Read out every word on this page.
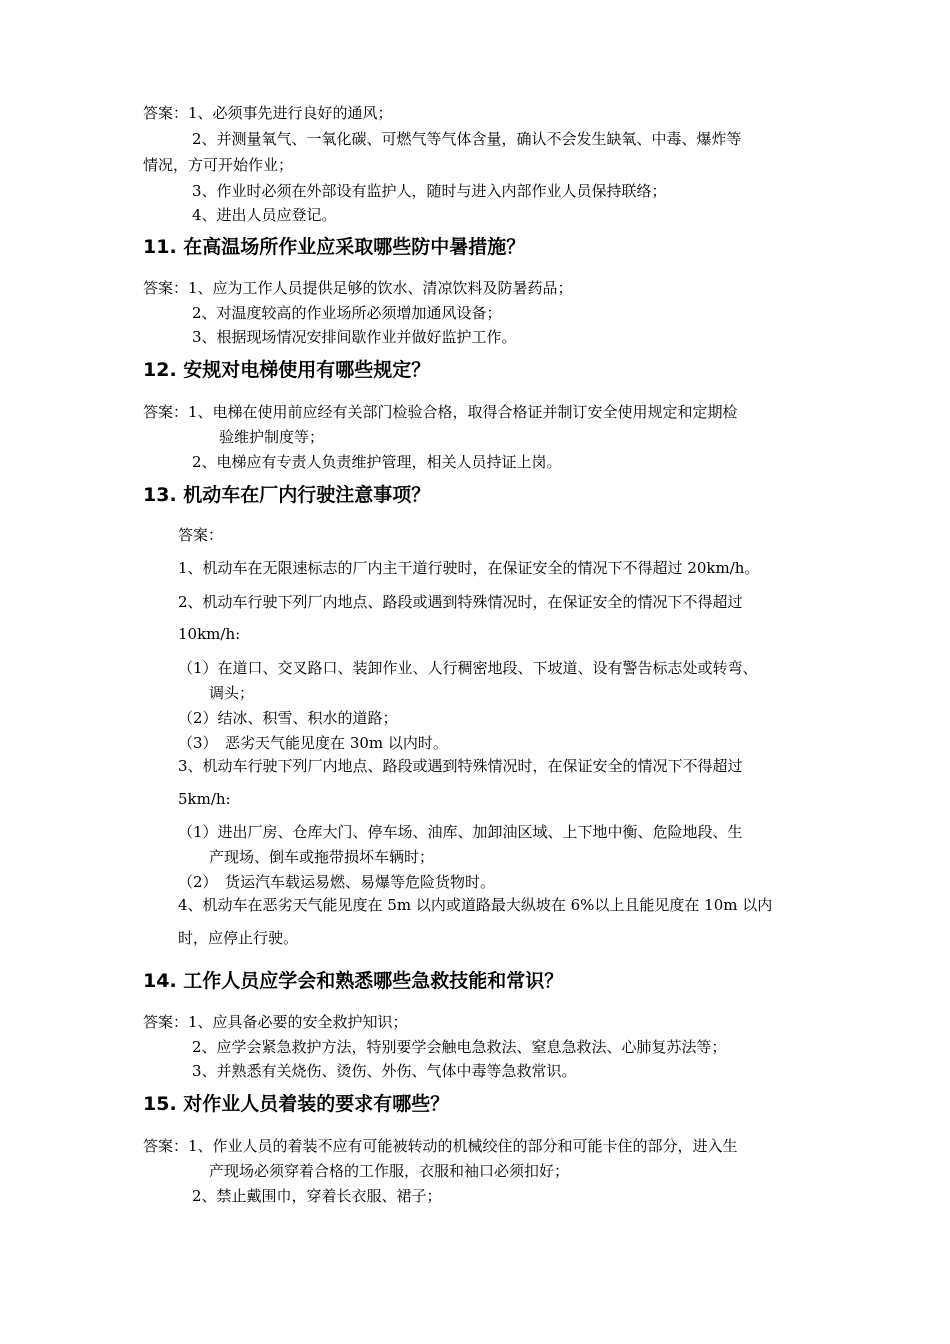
答案：1、必须事先进行良好的通风；
2、并测量氧气、一氧化碳、可燃气等气体含量，确认不会发生缺氧、中毒、爆炸等
情况，方可开始作业；
3、作业时必须在外部设有监护人，随时与进入内部作业人员保持联络；
4、进出人员应登记。
11. 在高温场所作业应采取哪些防中暑措施？
答案：1、应为工作人员提供足够的饮水、清凉饮料及防暑药品；
2、对温度较高的作业场所必须增加通风设备；
3、根据现场情况安排间歇作业并做好监护工作。
12. 安规对电梯使用有哪些规定？
答案：1、电梯在使用前应经有关部门检验合格，取得合格证并制订安全使用规定和定期检
验维护制度等；
2、电梯应有专责人负责维护管理，相关人员持证上岗。
13. 机动车在厂内行驶注意事项？
答案：
1、机动车在无限速标志的厂内主干道行驶时，在保证安全的情况下不得超过 20km/h。
2、机动车行驶下列厂内地点、路段或遇到特殊情况时，在保证安全的情况下不得超过
10km/h:
（1）在道口、交叉路口、装卸作业、人行稠密地段、下坡道、设有警告标志处或转弯、
调头；
（2）结冰、积雪、积水的道路；
（3）　恶劣天气能见度在 30m 以内时。
3、机动车行驶下列厂内地点、路段或遇到特殊情况时，在保证安全的情况下不得超过
5km/h:
（1）进出厂房、仓库大门、停车场、油库、加卸油区域、上下地中衡、危险地段、生
产现场、倒车或拖带损坏车辆时；
（2）　货运汽车载运易燃、易爆等危险货物时。
4、机动车在恶劣天气能见度在 5m 以内或道路最大纵坡在 6%以上且能见度在 10m 以内
时，应停止行驶。
14. 工作人员应学会和熟悉哪些急救技能和常识？
答案：1、应具备必要的安全救护知识；
2、应学会紧急救护方法，特别要学会触电急救法、窒息急救法、心肺复苏法等；
3、并熟悉有关烧伤、烫伤、外伤、气体中毒等急救常识。
15. 对作业人员着装的要求有哪些？
答案：1、作业人员的着装不应有可能被转动的机械绞住的部分和可能卡住的部分，进入生
产现场必须穿着合格的工作服，衣服和袖口必须扣好；
2、禁止戴围巾，穿着长衣服、裙子；
